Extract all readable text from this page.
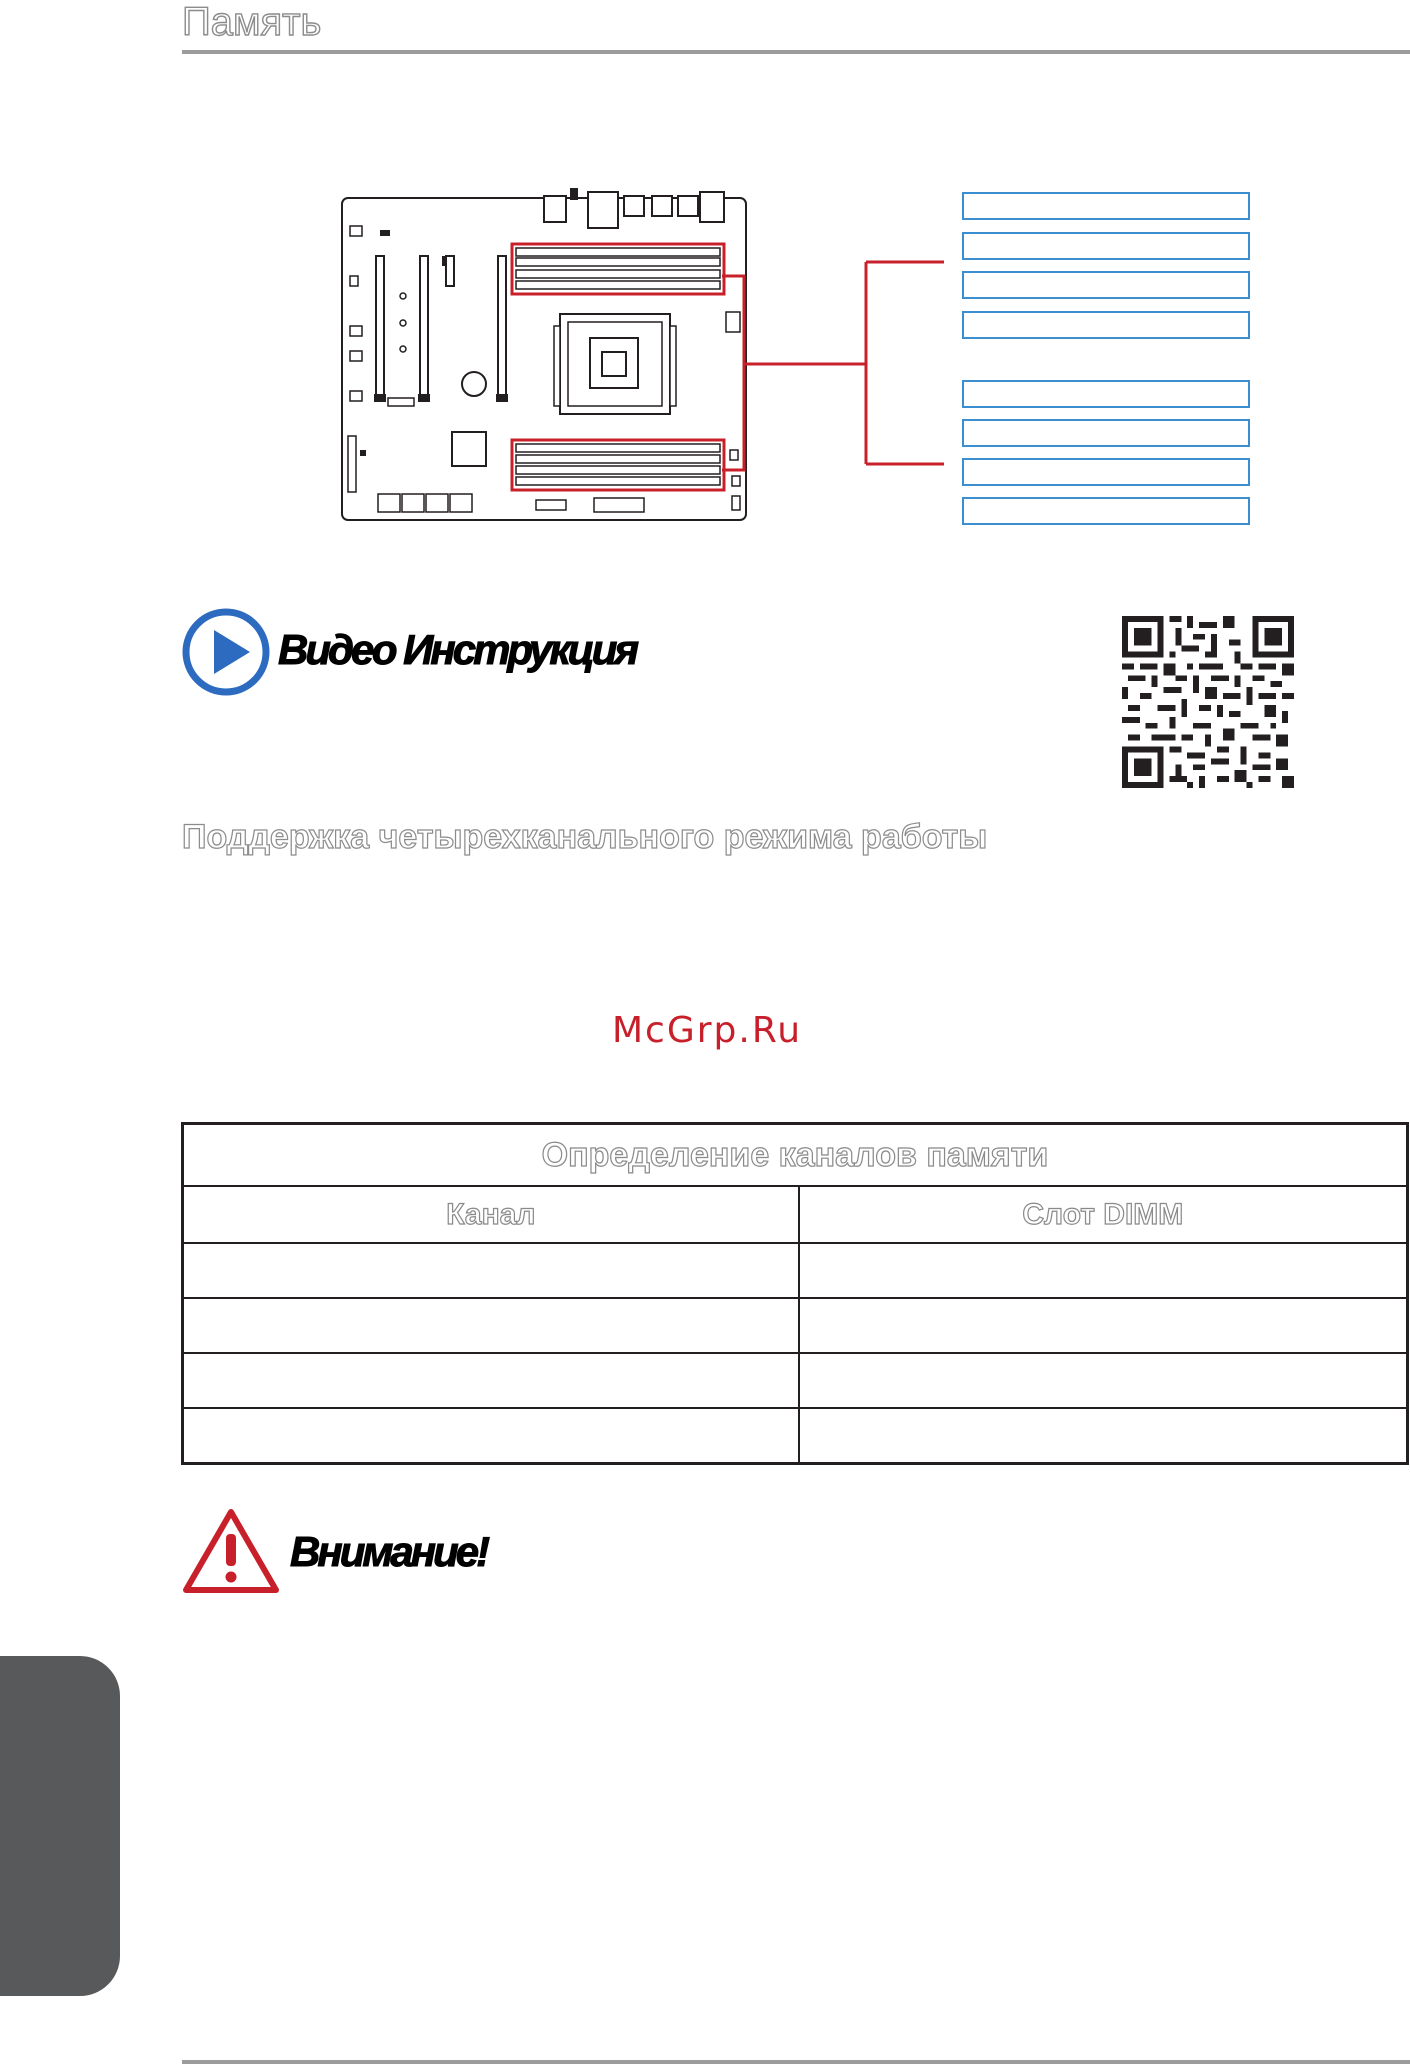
Память
Видео Инструкция
Поддержка четырехканального режима работы
McGrp.Ru
Определение каналов памяти	
Канал	Слот DIMM

Внимание!
